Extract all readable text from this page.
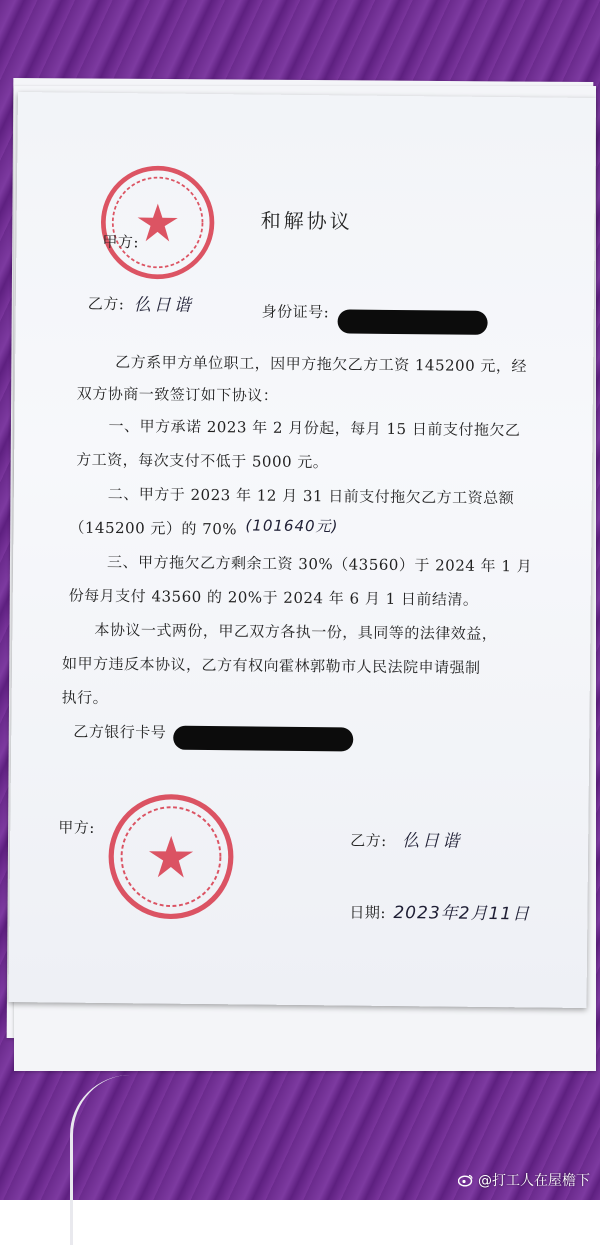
和解协议
甲方:
乙方: 仫日谐	身份证号:
乙方系甲方单位职工，因甲方拖欠乙方工资 145200 元，经
双方协商一致签订如下协议：
一、甲方承诺 2023 年 2 月份起，每月 15 日前支付拖欠乙
方工资，每次支付不低于 5000 元。
二、甲方于 2023 年 12 月 31 日前支付拖欠乙方工资总额
（145200 元）的 70% (101640元)
三、甲方拖欠乙方剩余工资 30%（43560）于 2024 年 1 月
份每月支付 43560 的 20%于 2024 年 6 月 1 日前结清。
本协议一式两份，甲乙双方各执一份，具同等的法律效益，
如甲方违反本协议，乙方有权向霍林郭勒市人民法院申请强制
执行。
乙方银行卡号
甲方:
乙方: 仫日谐
日期: 2023年2月11日
@打工人在屋檐下
